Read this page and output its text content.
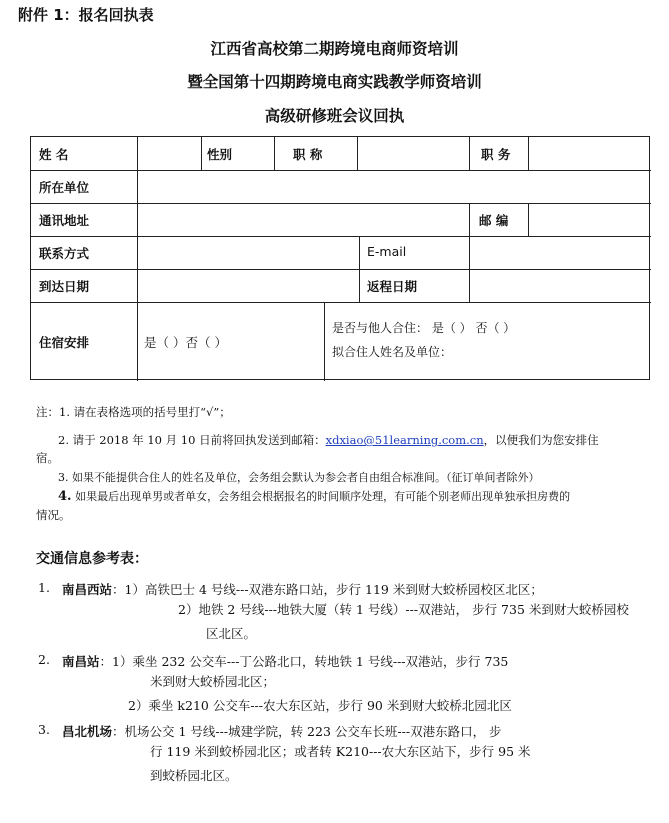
附件 1：报名回执表
江西省高校第二期跨境电商师资培训
暨全国第十四期跨境电商实践教学师资培训
高级研修班会议回执
姓 名	性别	职 称	职 务
所在单位
通讯地址	邮 编
联系方式	E-mail
到达日期	返程日期
住宿安排	是（ ）否（ ）
是否与他人合住： 是（ ） 否（ ）
拟合住人姓名及单位：
注：1. 请在表格选项的括号里打“√”；
2. 请于 2018 年 10 月 10 日前将回执发送到邮箱：xdxiao@51learning.com.cn，以便我们为您安排住
宿。
3. 如果不能提供合住人的姓名及单位，会务组会默认为参会者自由组合标准间。（征订单间者除外）
4. 如果最后出现单男或者单女，会务组会根据报名的时间顺序处理，有可能个别老师出现单独承担房费的
情况。
交通信息参考表：
1. 南昌西站：1）高铁巴士 4 号线---双港东路口站，步行 119 米到财大蛟桥园校区北区；
2）地铁 2 号线---地铁大厦（转 1 号线）---双港站， 步行 735 米到财大蛟桥园校
区北区。
2. 南昌站：1）乘坐 232 公交车---丁公路北口，转地铁 1 号线---双港站，步行 735
米到财大蛟桥园北区；
2）乘坐 k210 公交车---农大东区站，步行 90 米到财大蛟桥北园北区
3. 昌北机场：机场公交 1 号线---城建学院，转 223 公交车长班---双港东路口， 步
行 119 米到蛟桥园北区；或者转 K210---农大东区站下，步行 95 米
到蛟桥园北区。
